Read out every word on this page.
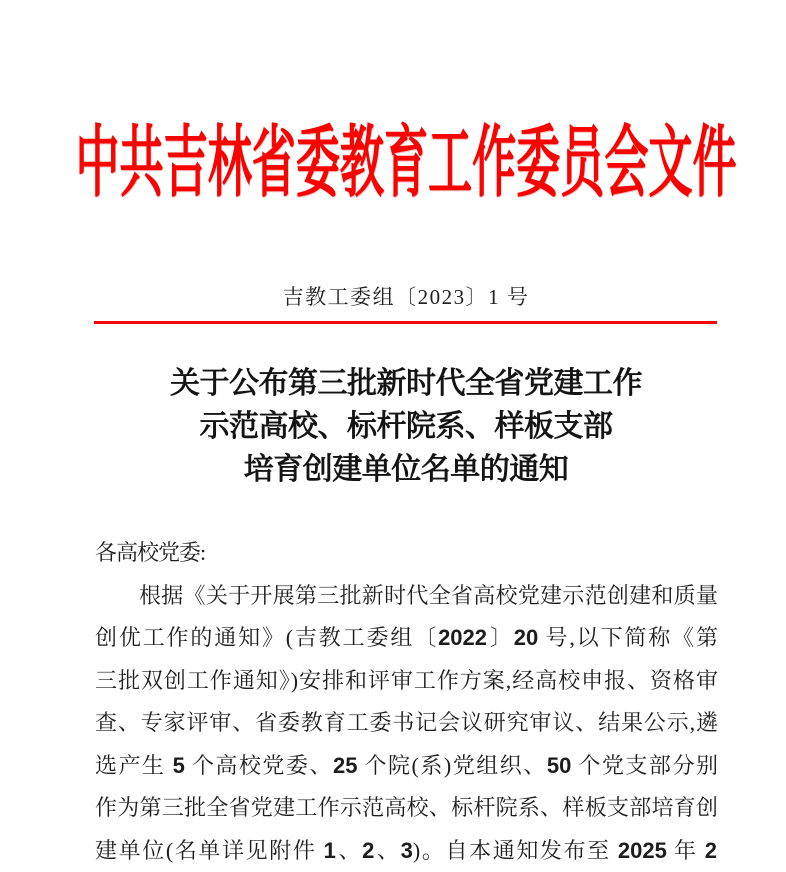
中共吉林省委教育工作委员会文件
吉教工委组〔2023〕1 号
关于公布第三批新时代全省党建工作
示范高校、标杆院系、样板支部
培育创建单位名单的通知
各高校党委:
根据《关于开展第三批新时代全省高校党建示范创建和质量
创优工作的通知》(吉教工委组〔2022〕20 号,以下简称《第
三批双创工作通知》)安排和评审工作方案,经高校申报、资格审
查、专家评审、省委教育工委书记会议研究审议、结果公示,遴
选产生 5 个高校党委、25 个院(系)党组织、50 个党支部分别
作为第三批全省党建工作示范高校、标杆院系、样板支部培育创
建单位(名单详见附件 1、2、3)。自本通知发布至 2025 年 2
